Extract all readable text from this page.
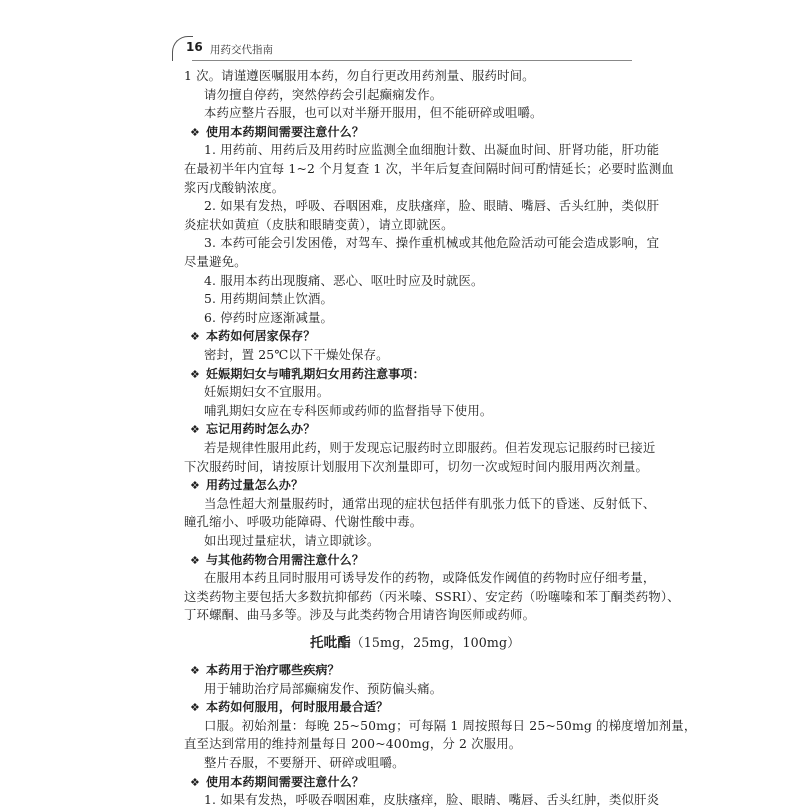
16 用药交代指南
1 次。请谨遵医嘱服用本药，勿自行更改用药剂量、服药时间。
请勿擅自停药，突然停药会引起癫痫发作。
本药应整片吞服，也可以对半掰开服用，但不能研碎或咀嚼。
❖ 使用本药期间需要注意什么？
1. 用药前、用药后及用药时应监测全血细胞计数、出凝血时间、肝肾功能，肝功能
在最初半年内宜每 1~2 个月复查 1 次，半年后复查间隔时间可酌情延长；必要时监测血
浆丙戊酸钠浓度。
2. 如果有发热，呼吸、吞咽困难，皮肤瘙痒，脸、眼睛、嘴唇、舌头红肿，类似肝
炎症状如黄疸（皮肤和眼睛变黄），请立即就医。
3. 本药可能会引发困倦，对驾车、操作重机械或其他危险活动可能会造成影响，宜
尽量避免。
4. 服用本药出现腹痛、恶心、呕吐时应及时就医。
5. 用药期间禁止饮酒。
6. 停药时应逐渐减量。
❖ 本药如何居家保存？
密封，置 25℃以下干燥处保存。
❖ 妊娠期妇女与哺乳期妇女用药注意事项：
妊娠期妇女不宜服用。
哺乳期妇女应在专科医师或药师的监督指导下使用。
❖ 忘记用药时怎么办？
若是规律性服用此药，则于发现忘记服药时立即服药。但若发现忘记服药时已接近
下次服药时间，请按原计划服用下次剂量即可，切勿一次或短时间内服用两次剂量。
❖ 用药过量怎么办？
当急性超大剂量服药时，通常出现的症状包括伴有肌张力低下的昏迷、反射低下、
瞳孔缩小、呼吸功能障碍、代谢性酸中毒。
如出现过量症状，请立即就诊。
❖ 与其他药物合用需注意什么？
在服用本药且同时服用可诱导发作的药物，或降低发作阈值的药物时应仔细考量，
这类药物主要包括大多数抗抑郁药（丙米嗪、SSRI）、安定药（吩噻嗪和苯丁酮类药物）、
丁环螺酮、曲马多等。涉及与此类药物合用请咨询医师或药师。
托吡酯（15mg，25mg，100mg）
❖ 本药用于治疗哪些疾病？
用于辅助治疗局部癫痫发作、预防偏头痛。
❖ 本药如何服用，何时服用最合适？
口服。初始剂量：每晚 25~50mg；可每隔 1 周按照每日 25~50mg 的梯度增加剂量，
直至达到常用的维持剂量每日 200~400mg，分 2 次服用。
整片吞服，不要掰开、研碎或咀嚼。
❖ 使用本药期间需要注意什么？
1. 如果有发热，呼吸吞咽困难，皮肤瘙痒，脸、眼睛、嘴唇、舌头红肿，类似肝炎
